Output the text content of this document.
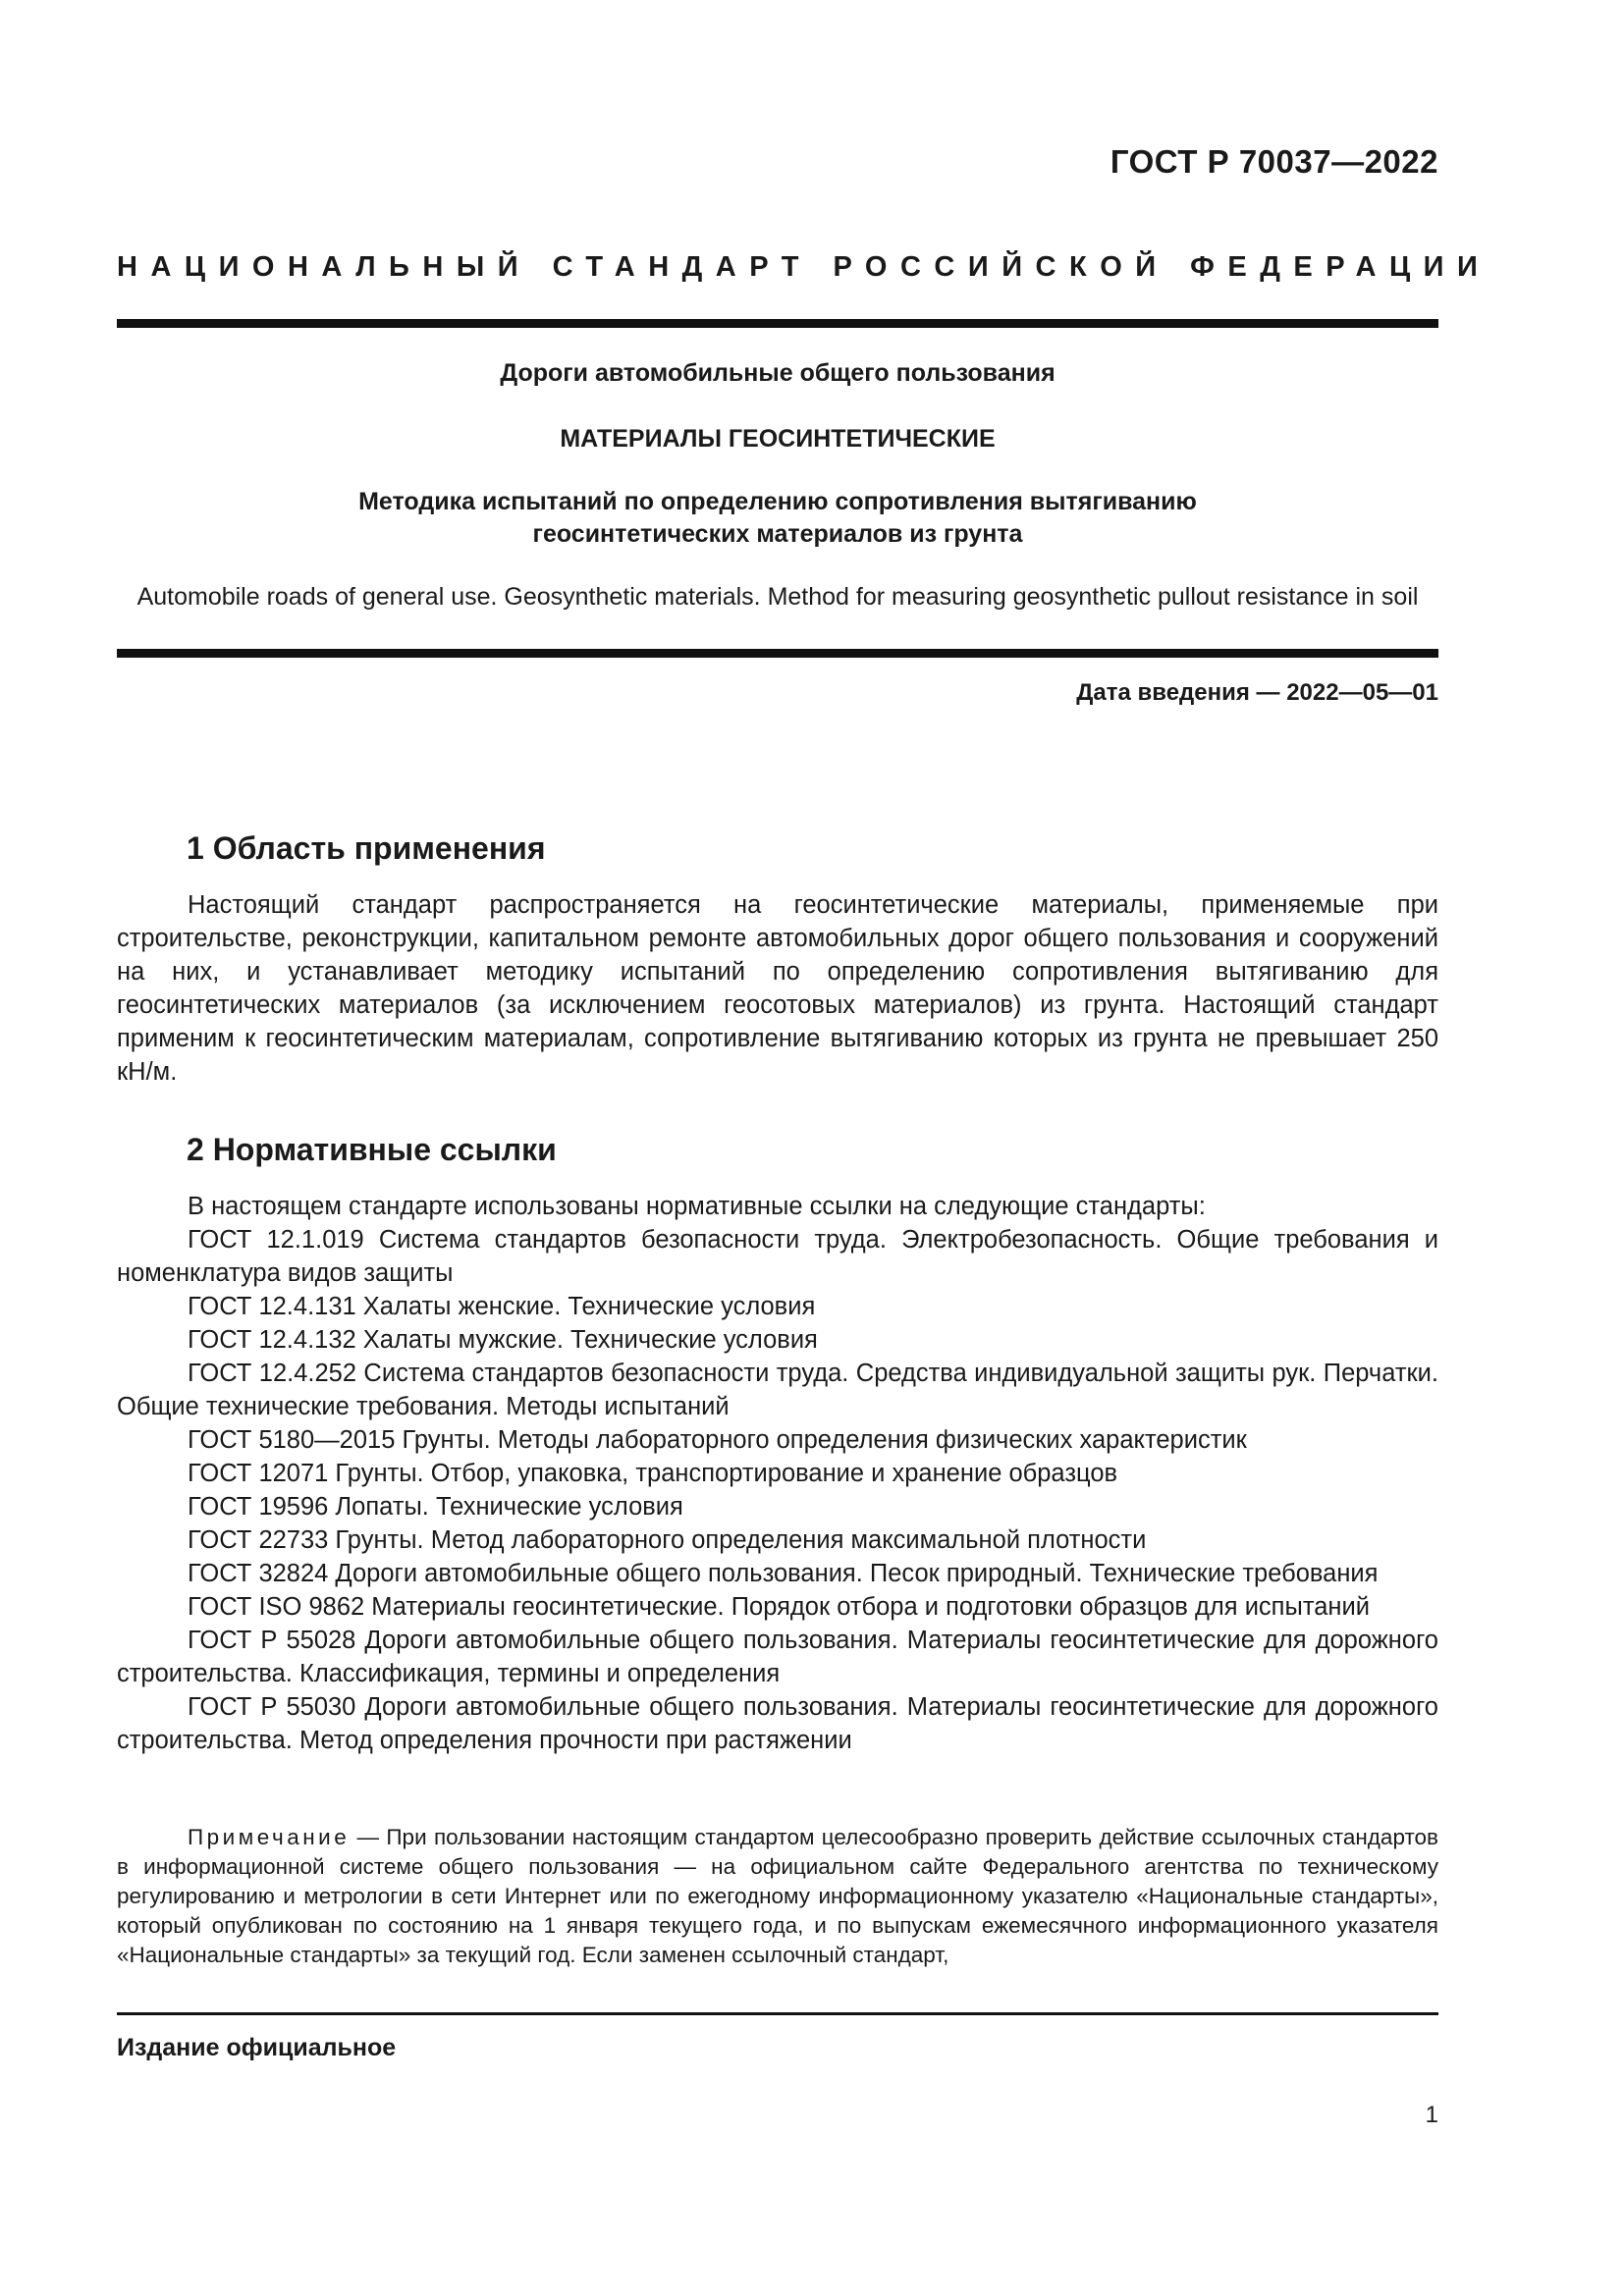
ГОСТ Р 70037—2022
НАЦИОНАЛЬНЫЙ СТАНДАРТ РОССИЙСКОЙ ФЕДЕРАЦИИ
Дороги автомобильные общего пользования
МАТЕРИАЛЫ ГЕОСИНТЕТИЧЕСКИЕ
Методика испытаний по определению сопротивления вытягиванию
геосинтетических материалов из грунта
Automobile roads of general use. Geosynthetic materials. Method for measuring geosynthetic pullout resistance in soil
Дата введения — 2022—05—01
1 Область применения

Настоящий стандарт распространяется на геосинтетические материалы, применяемые при строительстве, реконструкции, капитальном ремонте автомобильных дорог общего пользования и сооружений на них, и устанавливает методику испытаний по определению сопротивления вытягиванию для геосинтетических материалов (за исключением геосотовых материалов) из грунта. Настоящий стандарт применим к геосинтетическим материалам, сопротивление вытягиванию которых из грунта не превышает 250 кН/м.

2 Нормативные ссылки

В настоящем стандарте использованы нормативные ссылки на следующие стандарты:

ГОСТ 12.1.019 Система стандартов безопасности труда. Электробезопасность. Общие требования и номенклатура видов защиты

ГОСТ 12.4.131 Халаты женские. Технические условия

ГОСТ 12.4.132 Халаты мужские. Технические условия

ГОСТ 12.4.252 Система стандартов безопасности труда. Средства индивидуальной защиты рук. Перчатки. Общие технические требования. Методы испытаний

ГОСТ 5180—2015 Грунты. Методы лабораторного определения физических характеристик

ГОСТ 12071 Грунты. Отбор, упаковка, транспортирование и хранение образцов

ГОСТ 19596 Лопаты. Технические условия

ГОСТ 22733 Грунты. Метод лабораторного определения максимальной плотности

ГОСТ 32824 Дороги автомобильные общего пользования. Песок природный. Технические требования

ГОСТ ISO 9862 Материалы геосинтетические. Порядок отбора и подготовки образцов для испытаний

ГОСТ Р 55028 Дороги автомобильные общего пользования. Материалы геосинтетические для дорожного строительства. Классификация, термины и определения

ГОСТ Р 55030 Дороги автомобильные общего пользования. Материалы геосинтетические для дорожного строительства. Метод определения прочности при растяжении

Примечание — При пользовании настоящим стандартом целесообразно проверить действие ссылочных стандартов в информационной системе общего пользования — на официальном сайте Федерального агентства по техническому регулированию и метрологии в сети Интернет или по ежегодному информационному указателю «Национальные стандарты», который опубликован по состоянию на 1 января текущего года, и по выпускам ежемесячного информационного указателя «Национальные стандарты» за текущий год. Если заменен ссылочный стандарт,

Издание официальное
1
